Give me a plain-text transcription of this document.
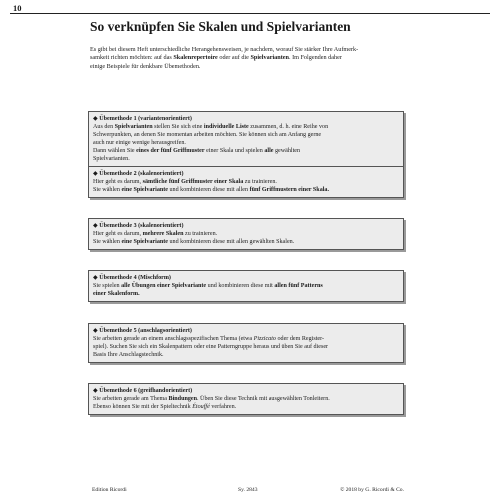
10
So verknüpfen Sie Skalen und Spielvarianten

Es gibt bei diesem Heft unterschiedliche Herangehensweisen, je nachdem, worauf Sie stärker Ihre Aufmerk-
samkeit richten möchten: auf das Skalenrepertoire oder auf die Spielvarianten. Im Folgenden daher
einige Beispiele für denkbare Übemethoden.

◆ Übemethode 1 (variantenorientiert)
Aus den Spielvarianten stellen Sie sich eine individuelle Liste zusammen, d. h. eine Reihe von
Schwerpunkten, an denen Sie momentan arbeiten möchten. Sie können sich am Anfang gerne
auch nur einige wenige herausgreifen.
Dann wählen Sie eines der fünf Griffmuster einer Skala und spielen alle gewählten
Spielvarianten.
◆ Übemethode 2 (skalenorientiert)
Hier geht es darum, sämtliche fünf Griffmuster einer Skala zu trainieren.
Sie wählen eine Spielvariante und kombinieren diese mit allen fünf Griffmustern einer Skala.
◆ Übemethode 3 (skalenorientiert)
Hier geht es darum, mehrere Skalen zu trainieren.
Sie wählen eine Spielvariante und kombinieren diese mit allen gewählten Skalen.
◆ Übemethode 4 (Mischform)
Sie spielen alle Übungen einer Spielvariante und kombinieren diese mit allen fünf Patterns
einer Skalenform.
◆ Übemethode 5 (anschlagsorientiert)
Sie arbeiten gerade an einem anschlagsspezifischen Thema (etwa Pizzicato oder dem Register-
spiel). Suchen Sie sich ein Skalenpattern oder eine Patterngruppe heraus und üben Sie auf dieser
Basis Ihre Anschlagstechnik.
◆ Übemethode 6 (greifhandorientiert)
Sie arbeiten gerade am Thema Bindungen. Üben Sie diese Technik mit ausgewählten Tonleitern.
Ebenso können Sie mit der Spieltechnik Étouffé verfahren.
Edition Ricordi	Sy. 2843	© 2018 by G. Ricordi & Co.
